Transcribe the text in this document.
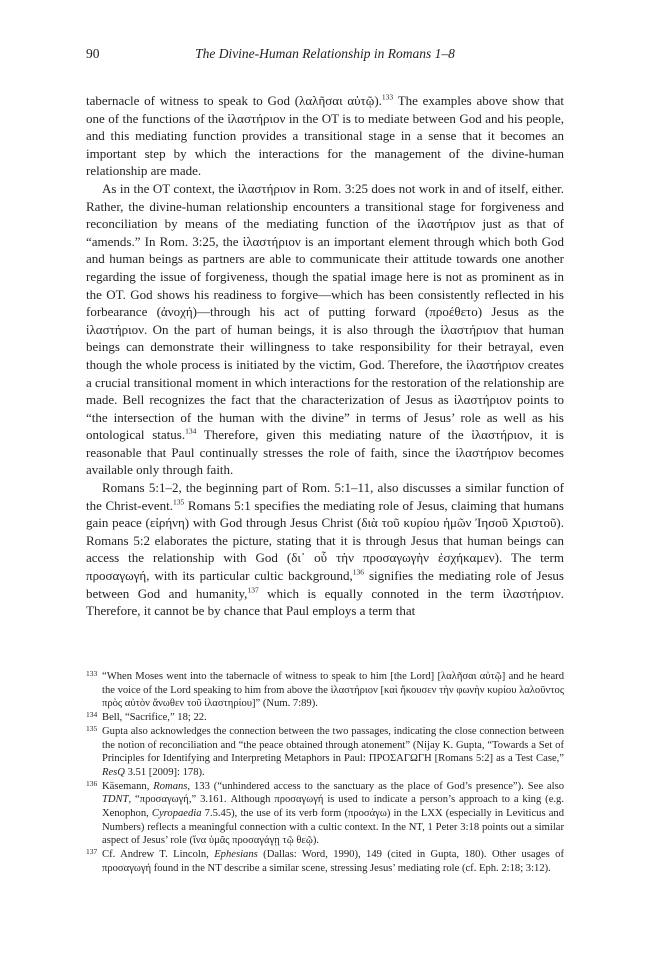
90	The Divine-Human Relationship in Romans 1–8

tabernacle of witness to speak to God (λαλῆσαι αὐτῷ).$^{133}$ The examples above show that one of the functions of the ἱλαστήριον in the OT is to mediate between God and his people, and this mediating function provides a transitional stage in a sense that it becomes an important step by which the interactions for the management of the divine-human relationship are made.

As in the OT context, the ἱλαστήριον in Rom. 3:25 does not work in and of itself, either. Rather, the divine-human relationship encounters a transitional stage for forgiveness and reconciliation by means of the mediating function of the ἱλαστήριον just as that of “amends.” In Rom. 3:25, the ἱλαστήριον is an important element through which both God and human beings as partners are able to communicate their attitude towards one another regarding the issue of forgiveness, though the spatial image here is not as prominent as in the OT. God shows his readiness to forgive—which has been consistently reflected in his forbearance (ἀνοχή)—through his act of putting forward (προέθετο) Jesus as the ἱλαστήριον. On the part of human beings, it is also through the ἱλαστήριον that human beings can demonstrate their willingness to take responsibility for their betrayal, even though the whole process is initiated by the victim, God. Therefore, the ἱλαστήριον creates a crucial transitional moment in which interactions for the restoration of the relationship are made. Bell recognizes the fact that the characterization of Jesus as ἱλαστήριον points to “the intersection of the human with the divine” in terms of Jesus’ role as well as his ontological status.$^{134}$ Therefore, given this mediating nature of the ἱλαστήριον, it is reasonable that Paul continually stresses the role of faith, since the ἱλαστήριον becomes available only through faith.

Romans 5:1–2, the beginning part of Rom. 5:1–11, also discusses a similar function of the Christ-event.$^{135}$ Romans 5:1 specifies the mediating role of Jesus, claiming that humans gain peace (εἰρήνη) with God through Jesus Christ (διὰ τοῦ κυρίου ἡμῶν Ἰησοῦ Χριστοῦ). Romans 5:2 elaborates the picture, stating that it is through Jesus that human beings can access the relationship with God (δι᾽ οὗ τὴν προσαγωγὴν ἐσχήκαμεν). The term προσαγωγή, with its particular cultic background,$^{136}$ signifies the mediating role of Jesus between God and humanity,$^{137}$ which is equally connoted in the term ἱλαστήριον. Therefore, it cannot be by chance that Paul employs a term that

133 “When Moses went into the tabernacle of witness to speak to him [the Lord] [λαλῆσαι αὐτῷ] and he heard the voice of the Lord speaking to him from above the ἱλαστήριον [καὶ ἤκουσεν τὴν φωνὴν κυρίου λαλοῦντος πρὸς αὐτὸν ἄνωθεν τοῦ ἱλαστηρίου]” (Num. 7:89).

134 Bell, “Sacrifice,” 18; 22.

135 Gupta also acknowledges the connection between the two passages, indicating the close connection between the notion of reconciliation and “the peace obtained through atonement” (Nijay K. Gupta, “Towards a Set of Principles for Identifying and Interpreting Metaphors in Paul: ΠΡΟΣΑΓΩΓΗ [Romans 5:2] as a Test Case,” ResQ 3.51 [2009]: 178).

136 Käsemann, Romans, 133 (“unhindered access to the sanctuary as the place of God’s presence”). See also TDNT, “προσαγωγή,” 3.161. Although προσαγωγή is used to indicate a person’s approach to a king (e.g. Xenophon, Cyropaedia 7.5.45), the use of its verb form (προσάγω) in the LXX (especially in Leviticus and Numbers) reflects a meaningful connection with a cultic context. In the NT, 1 Peter 3:18 points out a similar aspect of Jesus’ role (ἵνα ὑμᾶς προσαγάγῃ τῷ θεῷ).

137 Cf. Andrew T. Lincoln, Ephesians (Dallas: Word, 1990), 149 (cited in Gupta, 180). Other usages of προσαγωγή found in the NT describe a similar scene, stressing Jesus’ mediating role (cf. Eph. 2:18; 3:12).
